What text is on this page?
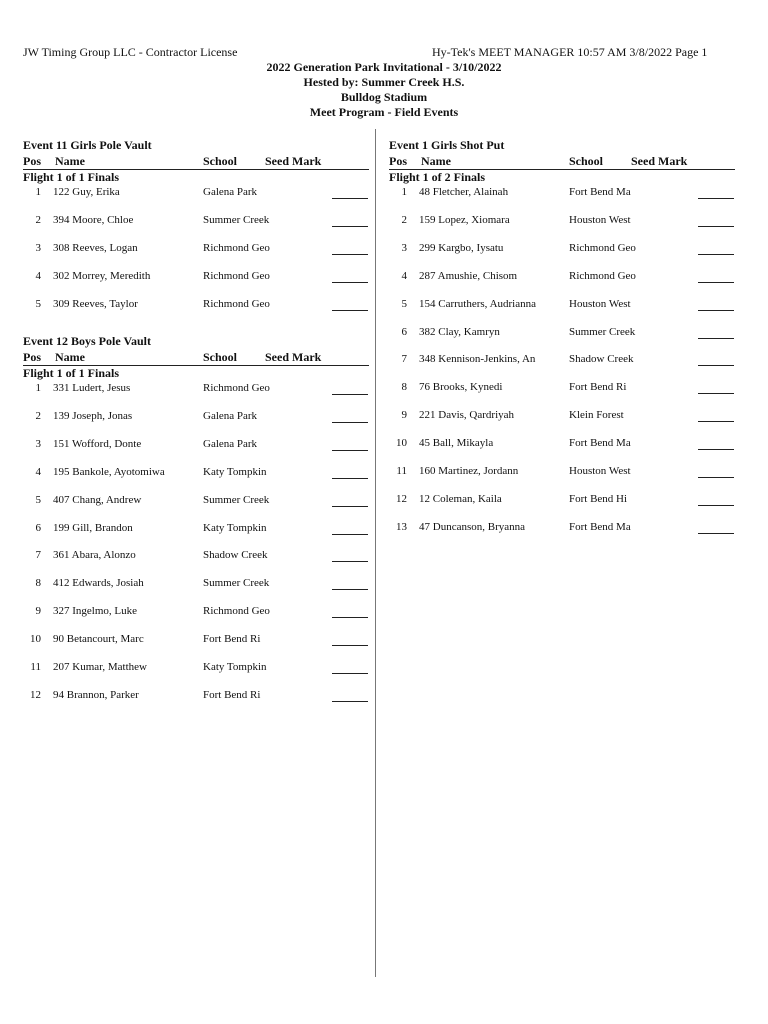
JW Timing Group LLC - Contractor License	Hy-Tek's MEET MANAGER 10:57 AM 3/8/2022 Page 1
2022 Generation Park Invitational - 3/10/2022
Hested by: Summer Creek H.S.
Bulldog Stadium
Meet Program - Field Events
Event 11 Girls Pole Vault
Pos Name	School Seed Mark
Flight 1 of 1 Finals
1 122 Guy, Erika	Galena Park
2 394 Moore, Chloe	Summer Creek
3 308 Reeves, Logan	Richmond Geo
4 302 Morrey, Meredith	Richmond Geo
5 309 Reeves, Taylor	Richmond Geo
Event 12 Boys Pole Vault
Pos Name	School Seed Mark
Flight 1 of 1 Finals
1 331 Ludert, Jesus	Richmond Geo
2 139 Joseph, Jonas	Galena Park
3 151 Wofford, Donte	Galena Park
4 195 Bankole, Ayotomiwa	Katy Tompkin
5 407 Chang, Andrew	Summer Creek
6 199 Gill, Brandon	Katy Tompkin
7 361 Abara, Alonzo	Shadow Creek
8 412 Edwards, Josiah	Summer Creek
9 327 Ingelmo, Luke	Richmond Geo
10 90 Betancourt, Marc	Fort Bend Ri
11 207 Kumar, Matthew	Katy Tompkin
12 94 Brannon, Parker	Fort Bend Ri
Event 1 Girls Shot Put
Pos Name	School Seed Mark
Flight 1 of 2 Finals
1 48 Fletcher, Alainah	Fort Bend Ma
2 159 Lopez, Xiomara	Houston West
3 299 Kargbo, Iysatu	Richmond Geo
4 287 Amushie, Chisom	Richmond Geo
5 154 Carruthers, Audrianna	Houston West
6 382 Clay, Kamryn	Summer Creek
7 348 Kennison-Jenkins, An	Shadow Creek
8 76 Brooks, Kynedi	Fort Bend Ri
9 221 Davis, Qardriyah	Klein Forest
10 45 Ball, Mikayla	Fort Bend Ma
11 160 Martinez, Jordann	Houston West
12 12 Coleman, Kaila	Fort Bend Hi
13 47 Duncanson, Bryanna	Fort Bend Ma
